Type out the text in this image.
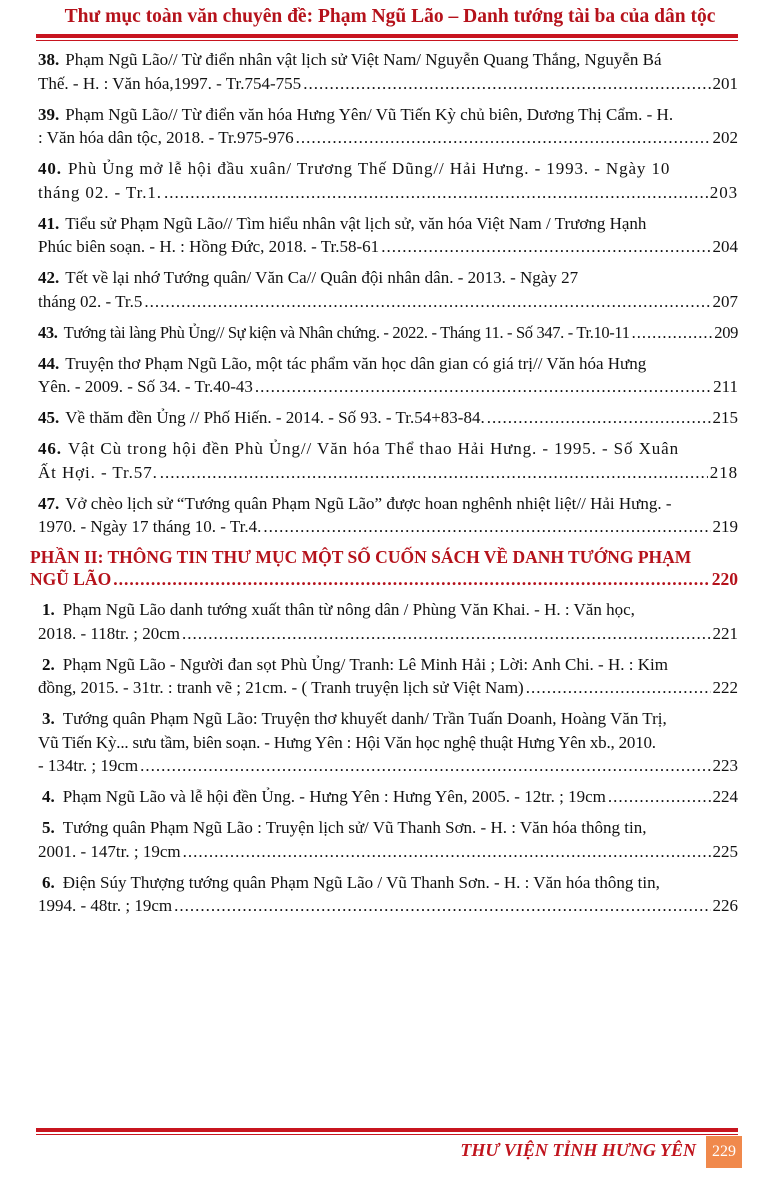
Thư mục toàn văn chuyên đề: Phạm Ngũ Lão – Danh tướng tài ba của dân tộc
38. Phạm Ngũ Lão// Từ điển nhân vật lịch sử Việt Nam/ Nguyễn Quang Thắng, Nguyễn Bá
Thế. - H. : Văn hóa,1997. - Tr.754-755 .....	201
39. Phạm Ngũ Lão// Từ điển văn hóa Hưng Yên/ Vũ Tiến Kỳ chủ biên, Dương Thị Cẩm. - H.
: Văn hóa dân tộc, 2018. - Tr.975-976 .....	202
40. Phù Ủng mở lễ hội đầu xuân/ Trương Thế Dũng// Hải Hưng. - 1993. - Ngày 10
tháng 02. - Tr.1. .....	203
41. Tiểu sử Phạm Ngũ Lão// Tìm hiểu nhân vật lịch sử, văn hóa Việt Nam / Trương Hạnh
Phúc biên soạn. - H. : Hồng Đức, 2018. - Tr.58-61 .....	204
42. Tết về lại nhớ Tướng quân/ Văn Ca// Quân đội nhân dân. - 2013. - Ngày 27
tháng 02. - Tr.5 .....	207
43. Tướng tài làng Phù Ủng// Sự kiện và Nhân chứng. - 2022. - Tháng 11. - Số 347. - Tr.10-11 .....	209
44. Truyện thơ Phạm Ngũ Lão, một tác phẩm văn học dân gian có giá trị// Văn hóa Hưng
Yên. - 2009. - Số 34. - Tr.40-43 .....	211
45. Về thăm đền Ủng // Phố Hiến. - 2014. - Số 93. - Tr.54+83-84. .....	215
46. Vật Cù trong hội đền Phù Ủng// Văn hóa Thể thao Hải Hưng. - 1995. - Số Xuân
Ất Hợi. - Tr.57. .....	218
47. Vở chèo lịch sử “Tướng quân Phạm Ngũ Lão” được hoan nghênh nhiệt liệt// Hải Hưng. -
1970. - Ngày 17 tháng 10. - Tr.4. .....	219
PHẦN II: THÔNG TIN THƯ MỤC MỘT SỐ CUỐN SÁCH VỀ DANH TƯỚNG PHẠM
NGŨ LÃO .....	220
1. Phạm Ngũ Lão danh tướng xuất thân từ nông dân / Phùng Văn Khai. - H. : Văn học,
2018. - 118tr. ; 20cm .....	221
2. Phạm Ngũ Lão - Người đan sọt Phù Ủng/ Tranh: Lê Minh Hải ; Lời: Anh Chi. - H. : Kim
đồng, 2015. - 31tr. : tranh vẽ ; 21cm. - ( Tranh truyện lịch sử Việt Nam) .....	222
3. Tướng quân Phạm Ngũ Lão: Truyện thơ khuyết danh/ Trần Tuấn Doanh, Hoàng Văn Trị,
Vũ Tiến Kỳ... sưu tầm, biên soạn. - Hưng Yên : Hội Văn học nghệ thuật Hưng Yên xb., 2010.
- 134tr. ; 19cm .....	223
4. Phạm Ngũ Lão và lễ hội đền Ủng. - Hưng Yên : Hưng Yên, 2005. - 12tr. ; 19cm .....	224
5. Tướng quân Phạm Ngũ Lão : Truyện lịch sử/ Vũ Thanh Sơn. - H. : Văn hóa thông tin,
2001. - 147tr. ; 19cm .....	225
6. Điện Súy Thượng tướng quân Phạm Ngũ Lão / Vũ Thanh Sơn. - H. : Văn hóa thông tin,
1994. - 48tr. ; 19cm .....	226
THƯ VIỆN TỈNH HƯNG YÊN	229
